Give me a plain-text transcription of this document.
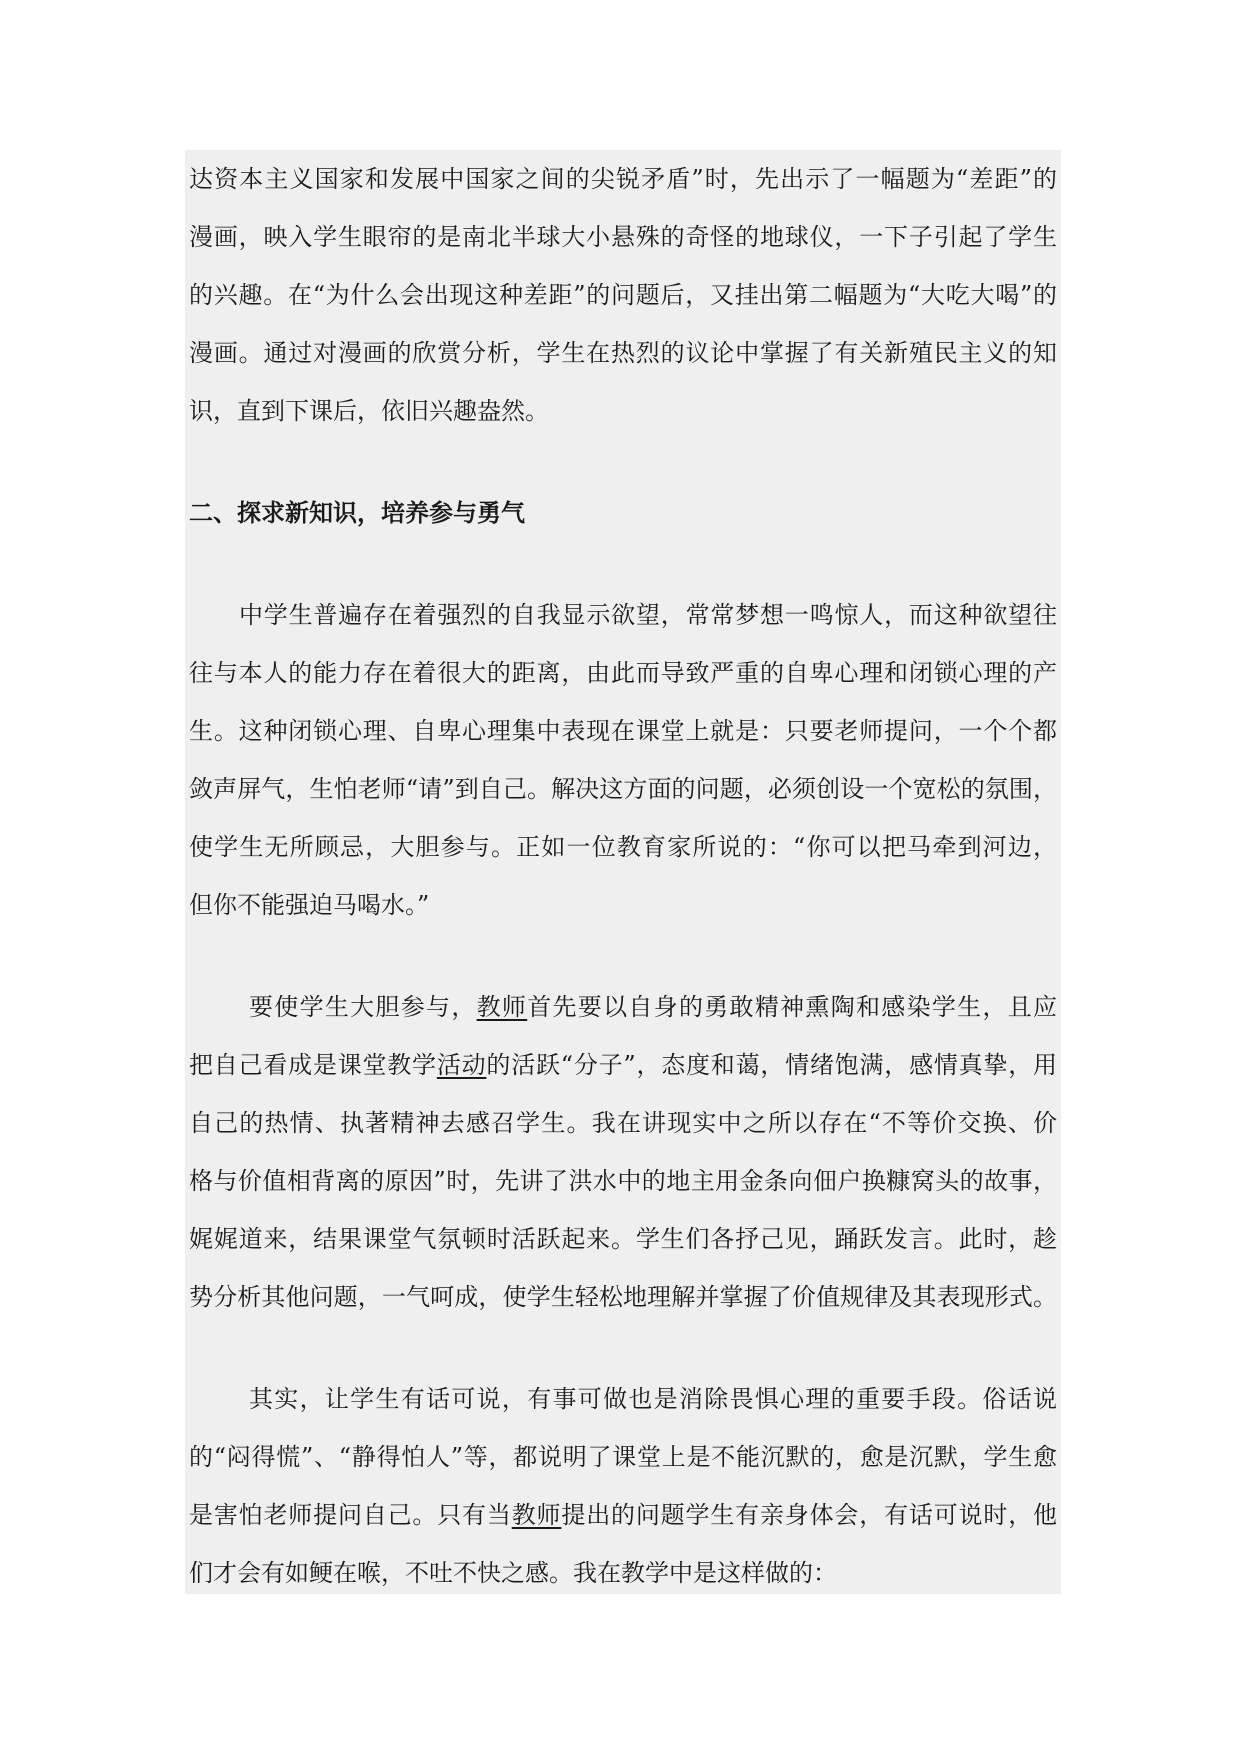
达资本主义国家和发展中国家之间的尖锐矛盾”时，先出示了一幅题为“差距”的
漫画，映入学生眼帘的是南北半球大小悬殊的奇怪的地球仪，一下子引起了学生
的兴趣。在“为什么会出现这种差距”的问题后，又挂出第二幅题为“大吃大喝”的
漫画。通过对漫画的欣赏分析，学生在热烈的议论中掌握了有关新殖民主义的知
识，直到下课后，依旧兴趣盎然。
二、探求新知识，培养参与勇气
中学生普遍存在着强烈的自我显示欲望，常常梦想一鸣惊人，而这种欲望往
往与本人的能力存在着很大的距离，由此而导致严重的自卑心理和闭锁心理的产
生。这种闭锁心理、自卑心理集中表现在课堂上就是：只要老师提问，一个个都
敛声屏气，生怕老师“请”到自己。解决这方面的问题，必须创设一个宽松的氛围，
使学生无所顾忌，大胆参与。正如一位教育家所说的：“你可以把马牵到河边，
但你不能强迫马喝水。”
要使学生大胆参与，教师首先要以自身的勇敢精神熏陶和感染学生，且应
把自己看成是课堂教学活动的活跃“分子”，态度和蔼，情绪饱满，感情真挚，用
自己的热情、执著精神去感召学生。我在讲现实中之所以存在“不等价交换、价
格与价值相背离的原因”时，先讲了洪水中的地主用金条向佃户换糠窝头的故事，
娓娓道来，结果课堂气氛顿时活跃起来。学生们各抒己见，踊跃发言。此时，趁
势分析其他问题，一气呵成，使学生轻松地理解并掌握了价值规律及其表现形式。
其实，让学生有话可说，有事可做也是消除畏惧心理的重要手段。俗话说
的“闷得慌”、“静得怕人”等，都说明了课堂上是不能沉默的，愈是沉默，学生愈
是害怕老师提问自己。只有当教师提出的问题学生有亲身体会，有话可说时，他
们才会有如鲠在喉，不吐不快之感。我在教学中是这样做的：
